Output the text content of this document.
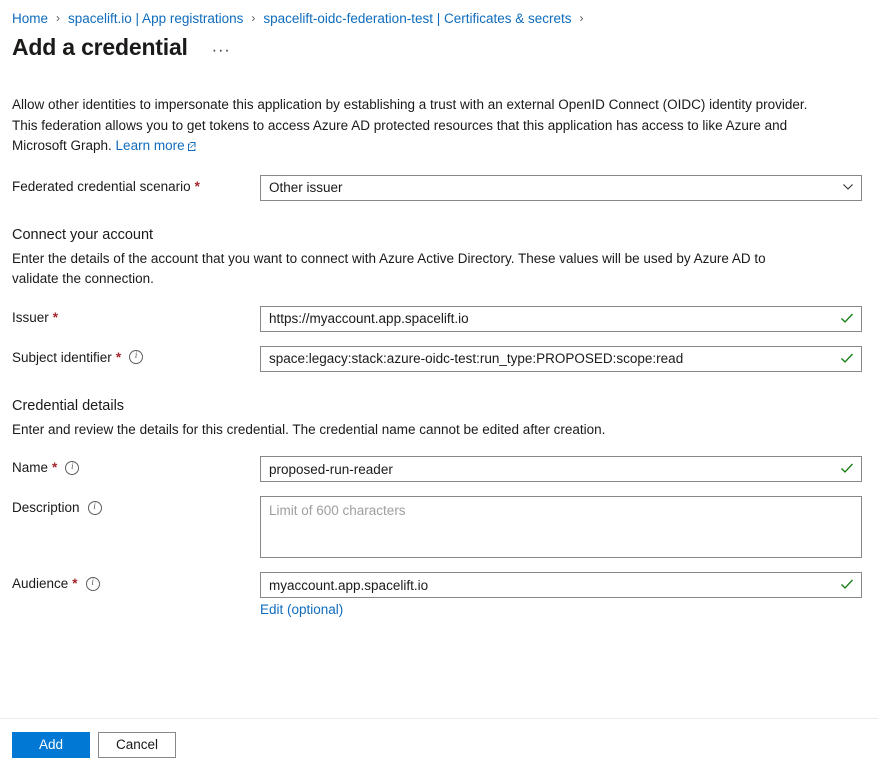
Home › spacelift.io | App registrations › spacelift-oidc-federation-test | Certificates & secrets ›
Add a credential	···
Allow other identities to impersonate this application by establishing a trust with an external OpenID Connect (OIDC) identity provider. This federation allows you to get tokens to access Azure AD protected resources that this application has access to like Azure and Microsoft Graph. Learn more
Federated credential scenario *	Other issuer
Connect your account
Enter the details of the account that you want to connect with Azure Active Directory. These values will be used by Azure AD to validate the connection.
Issuer *	https://myaccount.app.spacelift.io
Subject identifier *	i	space:legacy:stack:azure-oidc-test:run_type:PROPOSED:scope:read
Credential details
Enter and review the details for this credential. The credential name cannot be edited after creation.
Name *	i	proposed-run-reader
Description	i	Limit of 600 characters
Audience *	i	myaccount.app.spacelift.io
Edit (optional)
Add	Cancel
